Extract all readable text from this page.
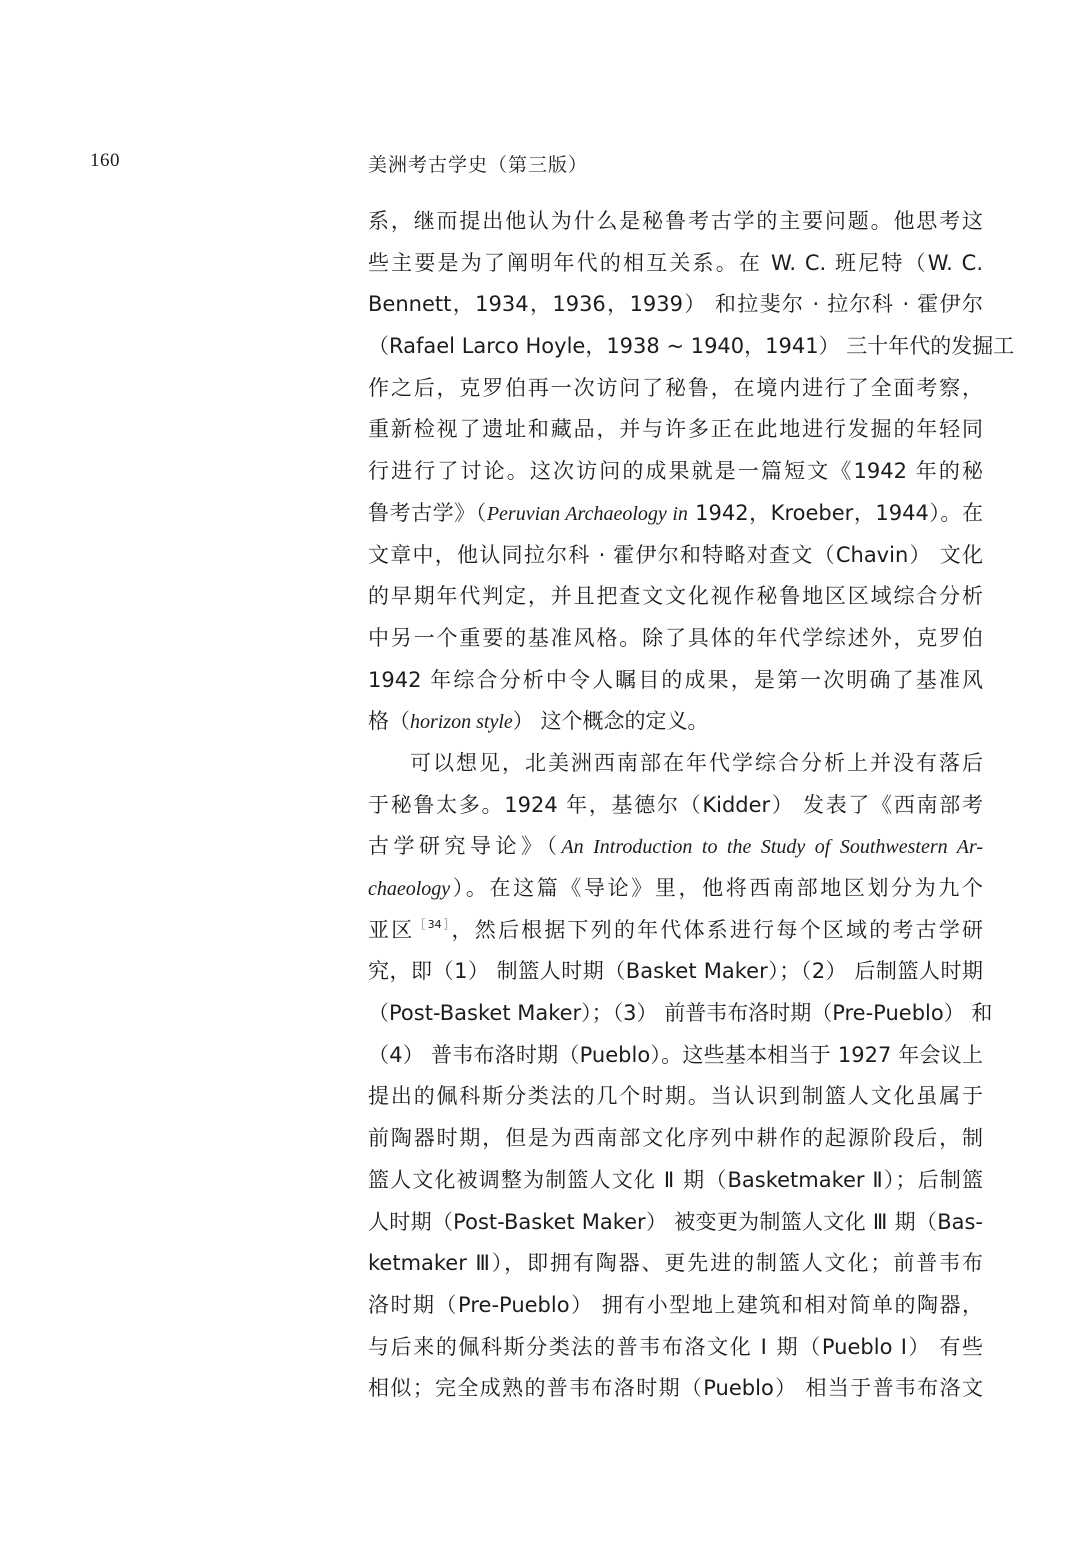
160	美洲考古学史（第三版）
系，继而提出他认为什么是秘鲁考古学的主要问题。他思考这
些主要是为了阐明年代的相互关系。在 W. C. 班尼特（W. C.
Bennett，1934，1936，1939） 和拉斐尔 · 拉尔科 · 霍伊尔
（Rafael Larco Hoyle，1938 ~ 1940，1941） 三十年代的发掘工
作之后，克罗伯再一次访问了秘鲁，在境内进行了全面考察，
重新检视了遗址和藏品，并与许多正在此地进行发掘的年轻同
行进行了讨论。这次访问的成果就是一篇短文《1942 年的秘
鲁考古学》（Peruvian Archaeology in 1942，Kroeber，1944）。在
文章中，他认同拉尔科 · 霍伊尔和特略对查文（Chavin） 文化
的早期年代判定，并且把查文文化视作秘鲁地区区域综合分析
中另一个重要的基准风格。除了具体的年代学综述外，克罗伯
1942 年综合分析中令人瞩目的成果，是第一次明确了基准风
格（horizon style） 这个概念的定义。
可以想见，北美洲西南部在年代学综合分析上并没有落后
于秘鲁太多。1924 年，基德尔（Kidder） 发表了《西南部考
古学研究导论》（An Introduction to the Study of Southwestern Ar-
chaeology）。在这篇《导论》里，他将西南部地区划分为九个
亚区$^{[34]}$，然后根据下列的年代体系进行每个区域的考古学研
究，即（1） 制篮人时期（Basket Maker）；（2） 后制篮人时期
（Post-Basket Maker）；（3） 前普韦布洛时期（Pre-Pueblo） 和
（4） 普韦布洛时期（Pueblo）。这些基本相当于 1927 年会议上
提出的佩科斯分类法的几个时期。当认识到制篮人文化虽属于
前陶器时期，但是为西南部文化序列中耕作的起源阶段后，制
篮人文化被调整为制篮人文化 Ⅱ 期（Basketmaker Ⅱ）；后制篮
人时期（Post-Basket Maker） 被变更为制篮人文化 Ⅲ 期（Bas-
ketmaker Ⅲ），即拥有陶器、更先进的制篮人文化；前普韦布
洛时期（Pre-Pueblo） 拥有小型地上建筑和相对简单的陶器，
与后来的佩科斯分类法的普韦布洛文化 Ⅰ 期（Pueblo Ⅰ） 有些
相似；完全成熟的普韦布洛时期（Pueblo） 相当于普韦布洛文
